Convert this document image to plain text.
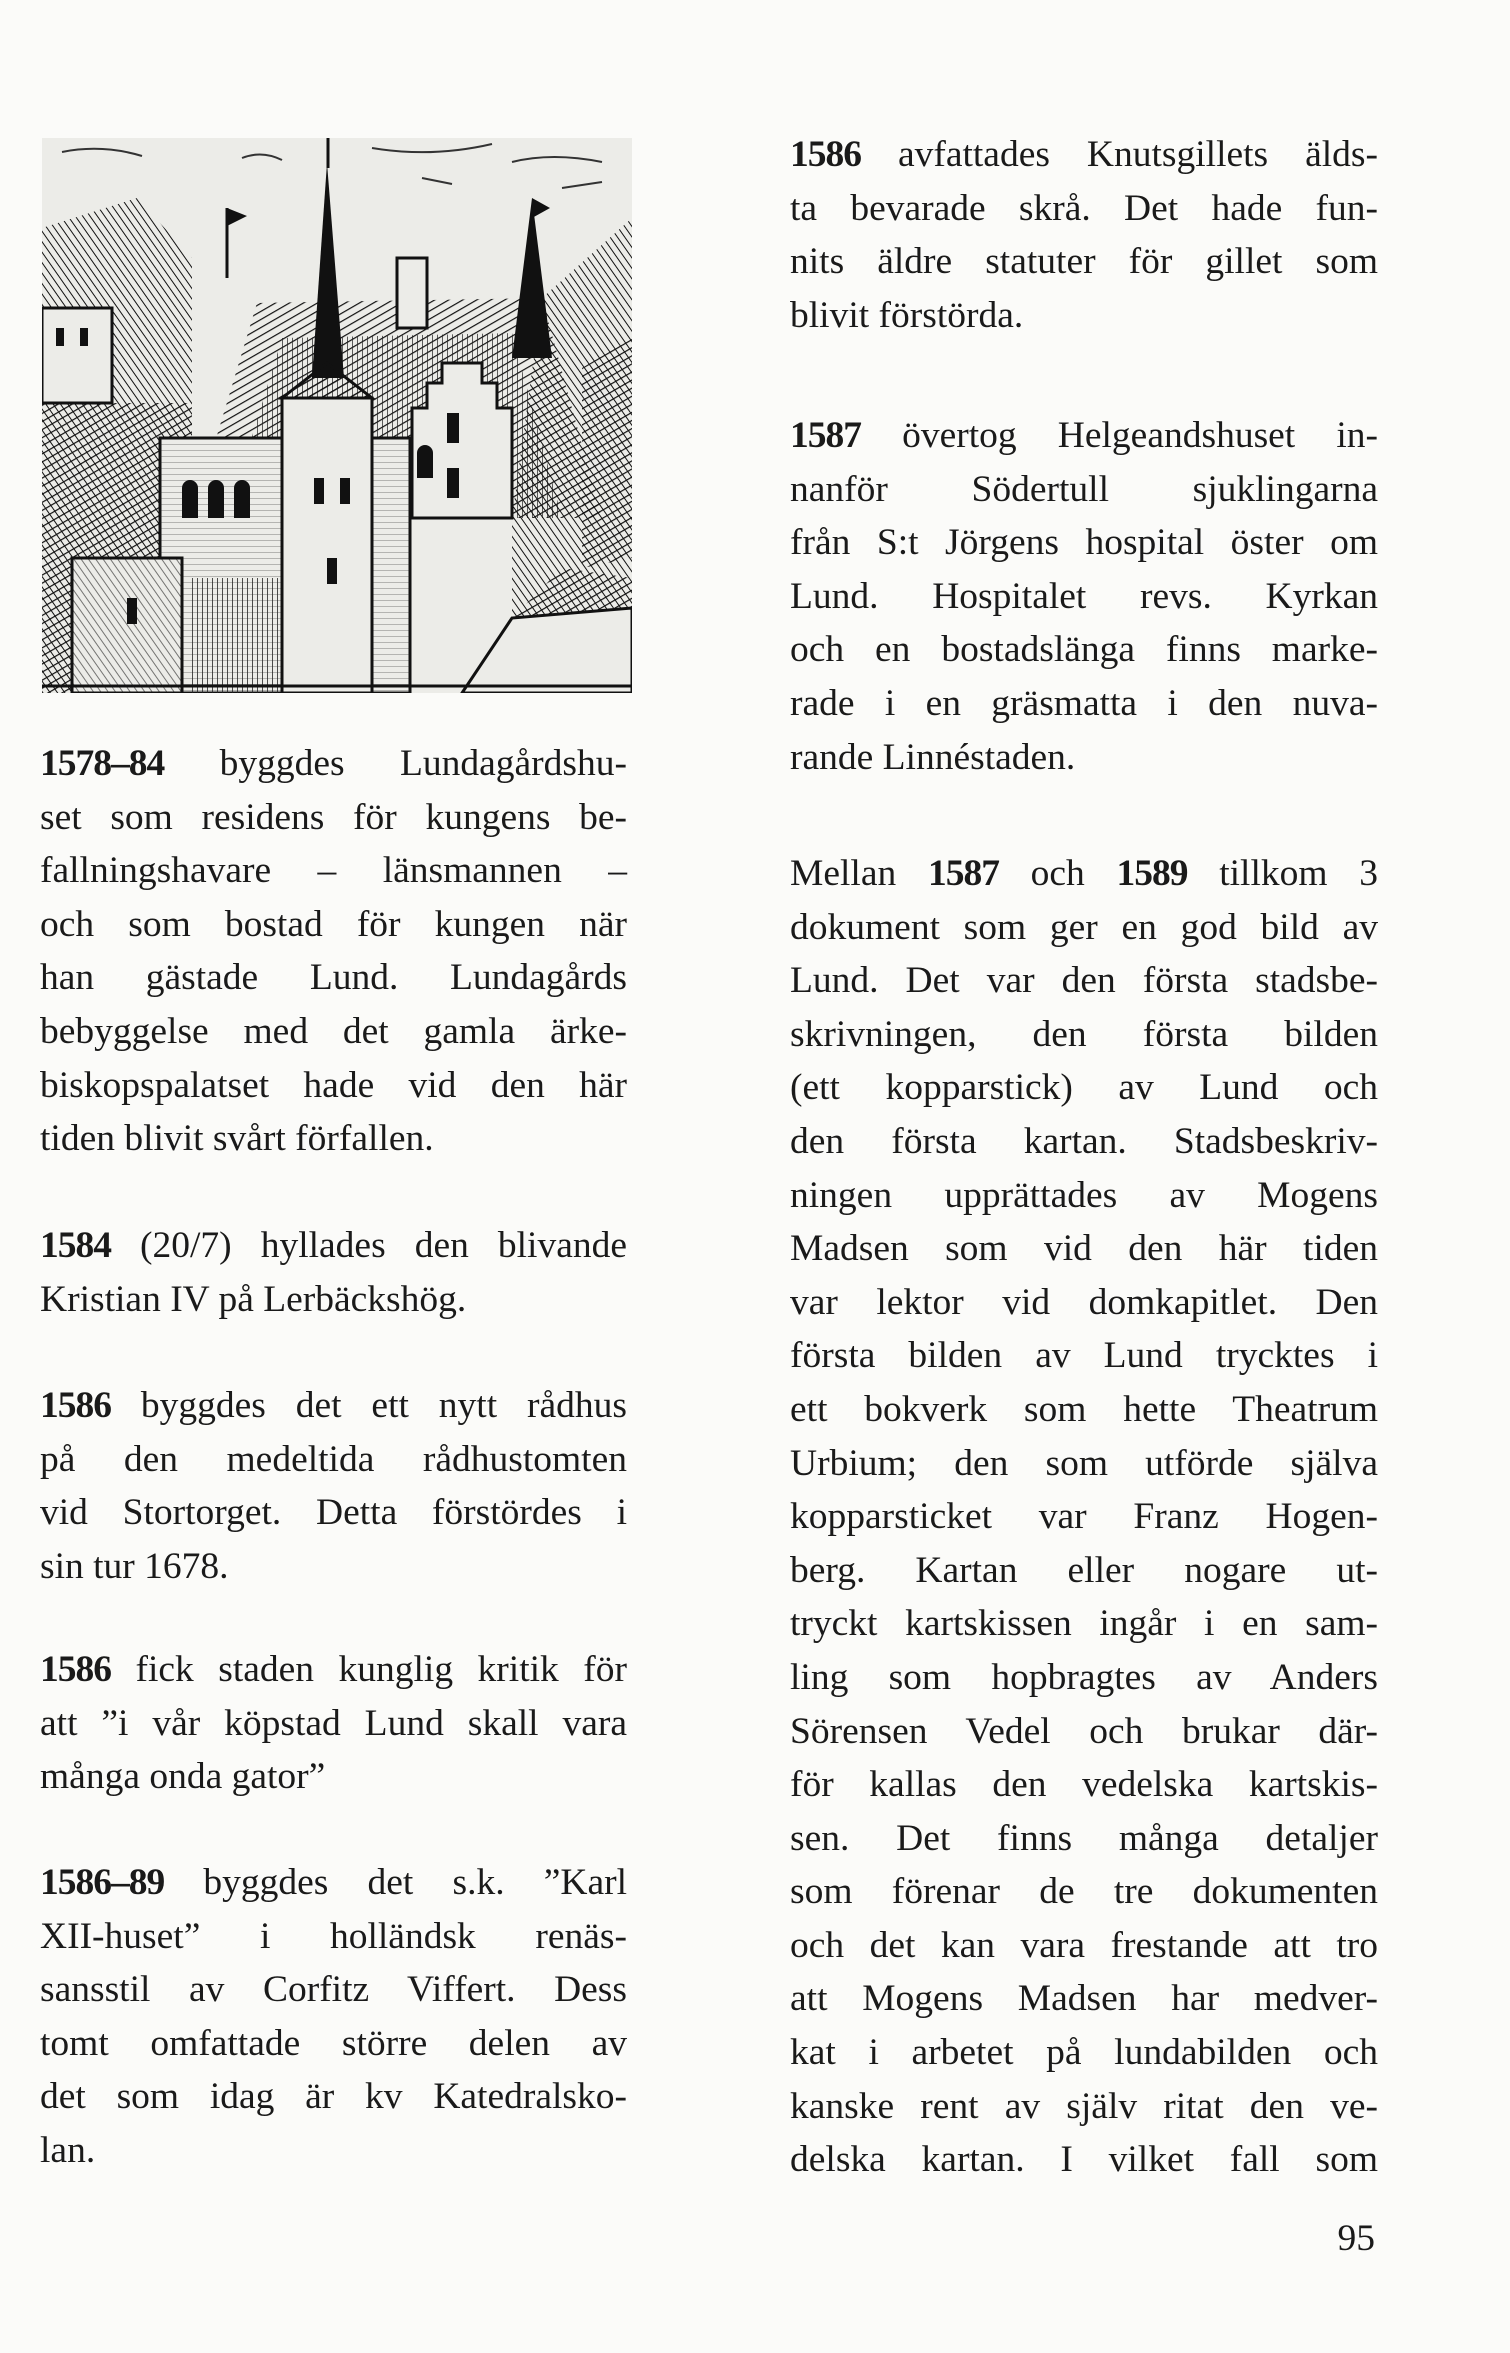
1578–84 byggdes Lundagårdshu-
set som residens för kungens be-
fallningshavare – länsmannen –
och som bostad för kungen när
han gästade Lund. Lundagårds
bebyggelse med det gamla ärke-
biskopspalatset hade vid den här
tiden blivit svårt förfallen.
1584 (20/7) hyllades den blivande
Kristian IV på Lerbäckshög.
1586 byggdes det ett nytt rådhus
på den medeltida rådhustomten
vid Stortorget. Detta förstördes i
sin tur 1678.
1586 fick staden kunglig kritik för
att ”i vår köpstad Lund skall vara
många onda gator”
1586–89 byggdes det s.k. ”Karl
XII-huset” i holländsk renäs-
sansstil av Corfitz Viffert. Dess
tomt omfattade större delen av
det som idag är kv Katedralsko-
lan.
1586 avfattades Knutsgillets älds-
ta bevarade skrå. Det hade fun-
nits äldre statuter för gillet som
blivit förstörda.
1587 övertog Helgeandshuset in-
nanför Södertull sjuklingarna
från S:t Jörgens hospital öster om
Lund. Hospitalet revs. Kyrkan
och en bostadslänga finns marke-
rade i en gräsmatta i den nuva-
rande Linnéstaden.
Mellan 1587 och 1589 tillkom 3
dokument som ger en god bild av
Lund. Det var den första stadsbe-
skrivningen, den första bilden
(ett kopparstick) av Lund och
den första kartan. Stadsbeskriv-
ningen upprättades av Mogens
Madsen som vid den här tiden
var lektor vid domkapitlet. Den
första bilden av Lund trycktes i
ett bokverk som hette Theatrum
Urbium; den som utförde själva
kopparsticket var Franz Hogen-
berg. Kartan eller nogare ut-
tryckt kartskissen ingår i en sam-
ling som hopbragtes av Anders
Sörensen Vedel och brukar där-
för kallas den vedelska kartskis-
sen. Det finns många detaljer
som förenar de tre dokumenten
och det kan vara frestande att tro
att Mogens Madsen har medver-
kat i arbetet på lundabilden och
kanske rent av själv ritat den ve-
delska kartan. I vilket fall som
95
